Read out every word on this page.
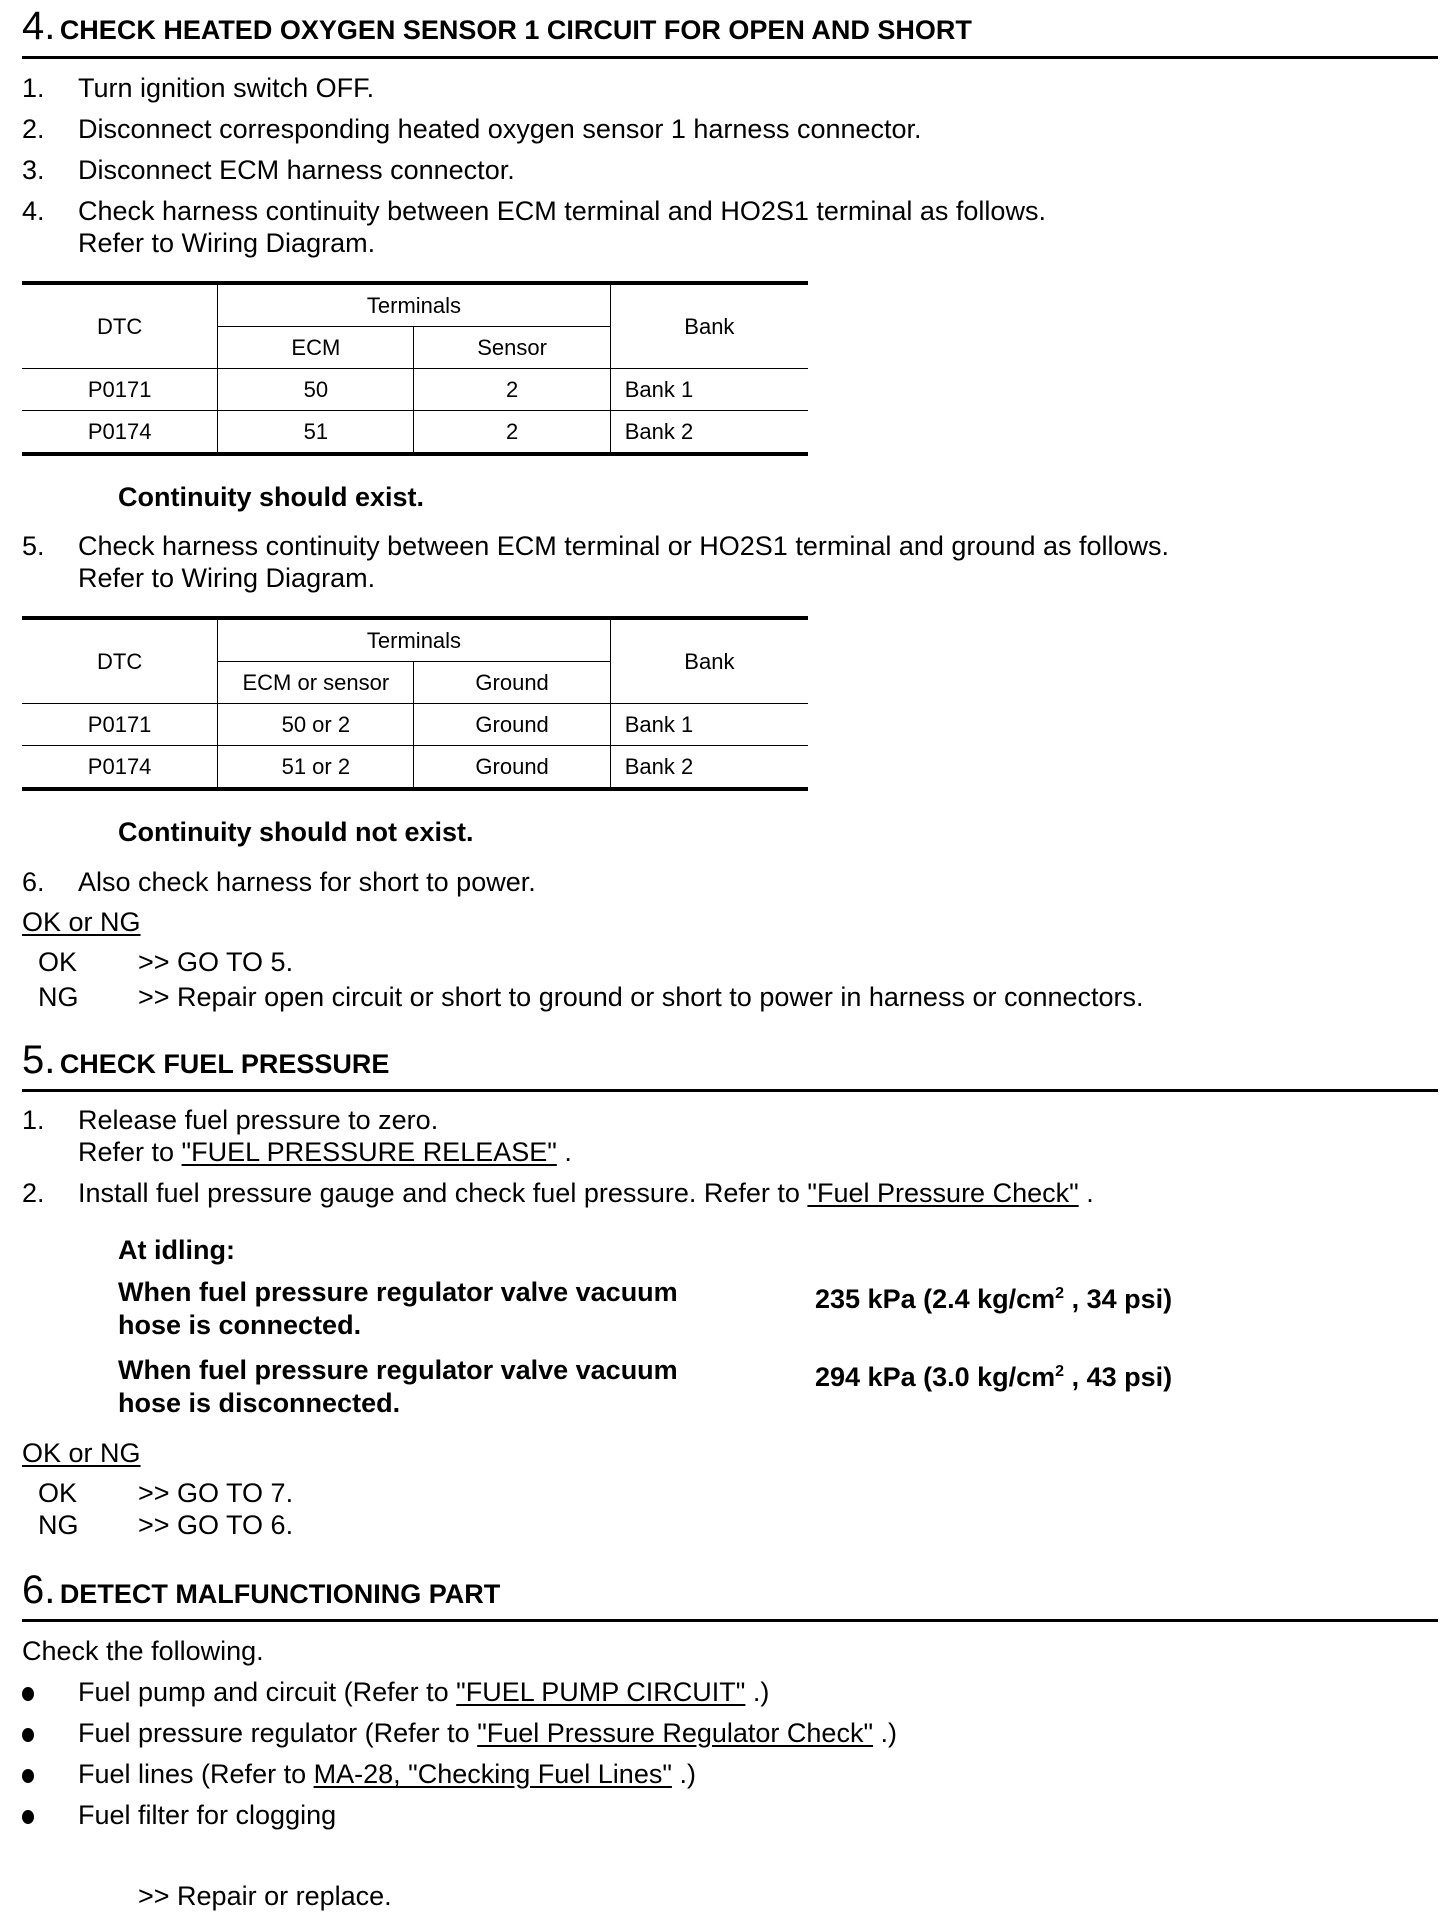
4. CHECK HEATED OXYGEN SENSOR 1 CIRCUIT FOR OPEN AND SHORT
1. Turn ignition switch OFF.
2. Disconnect corresponding heated oxygen sensor 1 harness connector.
3. Disconnect ECM harness connector.
4. Check harness continuity between ECM terminal and HO2S1 terminal as follows.
Refer to Wiring Diagram.
DTC	Terminals		Bank
	ECM	Sensor	
P0171	50	2	Bank 1
P0174	51	2	Bank 2
Continuity should exist.
5. Check harness continuity between ECM terminal or HO2S1 terminal and ground as follows.
Refer to Wiring Diagram.
DTC	Terminals		Bank
	ECM or sensor	Ground	
P0171	50 or 2	Ground	Bank 1
P0174	51 or 2	Ground	Bank 2
Continuity should not exist.
6. Also check harness for short to power.
OK or NG
OK >> GO TO 5.
NG >> Repair open circuit or short to ground or short to power in harness or connectors.
5. CHECK FUEL PRESSURE
1. Release fuel pressure to zero.
Refer to "FUEL PRESSURE RELEASE" .
2. Install fuel pressure gauge and check fuel pressure. Refer to "Fuel Pressure Check" .
At idling:
When fuel pressure regulator valve vacuum
hose is connected.
235 kPa (2.4 $kg/cm^2$ , 34 psi)
When fuel pressure regulator valve vacuum
hose is disconnected.
294 kPa (3.0 $kg/cm^2$ , 43 psi)
OK or NG
OK >> GO TO 7.
NG >> GO TO 6.
6. DETECT MALFUNCTIONING PART
Check the following.
Fuel pump and circuit (Refer to "FUEL PUMP CIRCUIT" .)
Fuel pressure regulator (Refer to "Fuel Pressure Regulator Check" .)
Fuel lines (Refer to MA-28, "Checking Fuel Lines" .)
Fuel filter for clogging
>> Repair or replace.
